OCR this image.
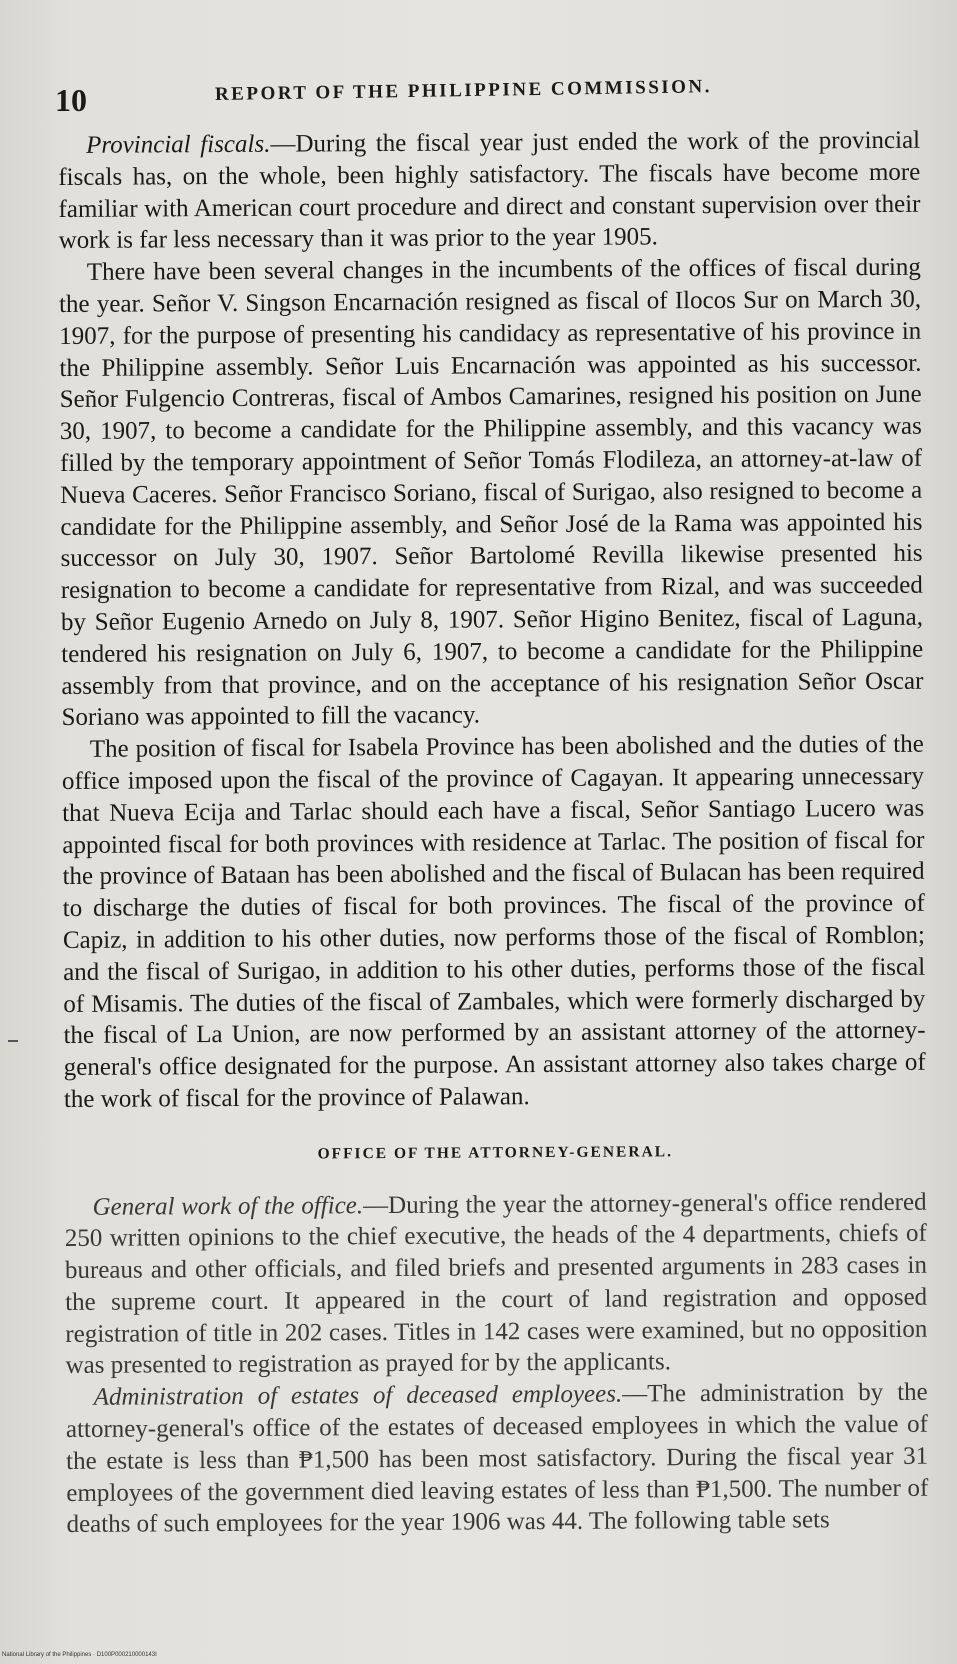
10	REPORT OF THE PHILIPPINE COMMISSION.

Provincial fiscals.—During the fiscal year just ended the work of the provincial fiscals has, on the whole, been highly satisfactory. The fiscals have become more familiar with American court procedure and direct and constant supervision over their work is far less necessary than it was prior to the year 1905.

There have been several changes in the incumbents of the offices of fiscal during the year. Señor V. Singson Encarnación resigned as fiscal of Ilocos Sur on March 30, 1907, for the purpose of presenting his candidacy as representative of his province in the Philippine assembly. Señor Luis Encarnación was appointed as his successor. Señor Fulgencio Contreras, fiscal of Ambos Camarines, resigned his position on June 30, 1907, to become a candidate for the Philippine assembly, and this vacancy was filled by the temporary appointment of Señor Tomás Flodileza, an attorney-at-law of Nueva Caceres. Señor Francisco Soriano, fiscal of Surigao, also resigned to become a candidate for the Philippine assembly, and Señor José de la Rama was appointed his successor on July 30, 1907. Señor Bartolomé Revilla likewise presented his resignation to become a candidate for representative from Rizal, and was succeeded by Señor Eugenio Arnedo on July 8, 1907. Señor Higino Benitez, fiscal of Laguna, tendered his resignation on July 6, 1907, to become a candidate for the Philippine assembly from that province, and on the acceptance of his resignation Señor Oscar Soriano was appointed to fill the vacancy.

The position of fiscal for Isabela Province has been abolished and the duties of the office imposed upon the fiscal of the province of Cagayan. It appearing unnecessary that Nueva Ecija and Tarlac should each have a fiscal, Señor Santiago Lucero was appointed fiscal for both provinces with residence at Tarlac. The position of fiscal for the province of Bataan has been abolished and the fiscal of Bulacan has been required to discharge the duties of fiscal for both provinces. The fiscal of the province of Capiz, in addition to his other duties, now performs those of the fiscal of Romblon; and the fiscal of Surigao, in addition to his other duties, performs those of the fiscal of Misamis. The duties of the fiscal of Zambales, which were formerly discharged by the fiscal of La Union, are now performed by an assistant attorney of the attorney-general's office designated for the purpose. An assistant attorney also takes charge of the work of fiscal for the province of Palawan.

OFFICE OF THE ATTORNEY-GENERAL.

General work of the office.—During the year the attorney-general's office rendered 250 written opinions to the chief executive, the heads of the 4 departments, chiefs of bureaus and other officials, and filed briefs and presented arguments in 283 cases in the supreme court. It appeared in the court of land registration and opposed registration of title in 202 cases. Titles in 142 cases were examined, but no opposition was presented to registration as prayed for by the applicants.

Administration of estates of deceased employees.—The administration by the attorney-general's office of the estates of deceased employees in which the value of the estate is less than ₱1,500 has been most satisfactory. During the fiscal year 31 employees of the government died leaving estates of less than ₱1,500. The number of deaths of such employees for the year 1906 was 44. The following table sets

National Library of the Philippines · D100P000210000143I
